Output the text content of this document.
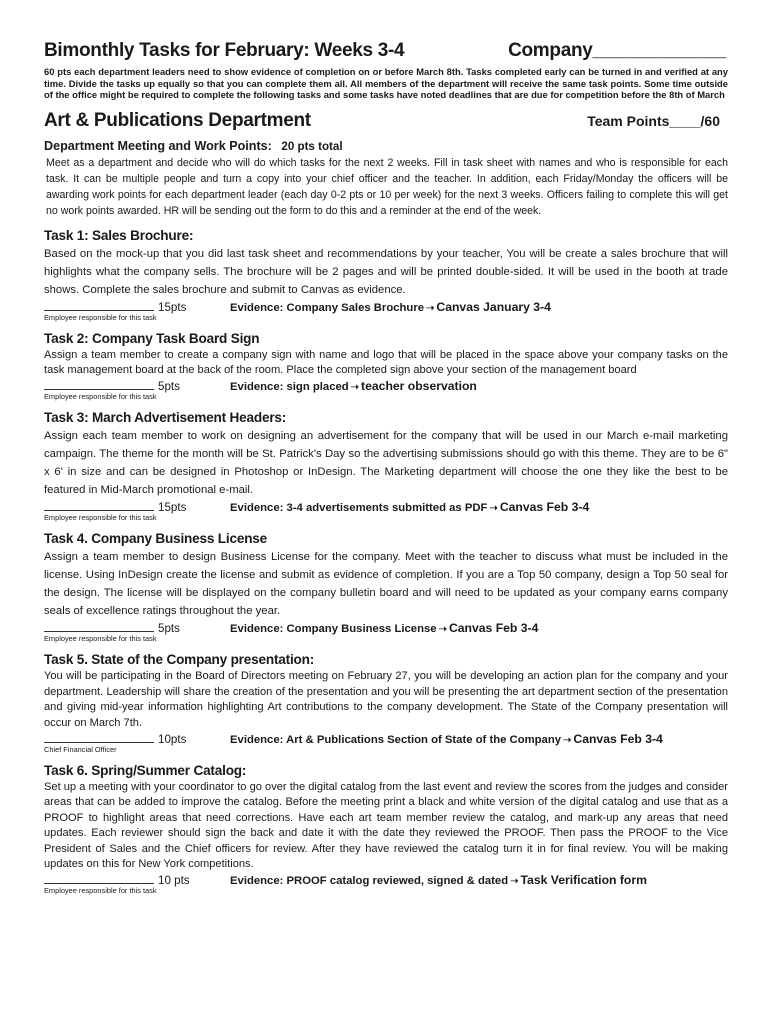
Bimonthly Tasks for February: Weeks 3-4	Company_____________
60 pts each department leaders need to show evidence of completion on or before March 8th. Tasks completed early can be turned in and verified at any time. Divide the tasks up equally so that you can complete them all. All members of the department will receive the same task points. Some time outside of the office might be required to complete the following tasks and some tasks have noted deadlines that are due for competition before the 8th of March
Art & Publications Department	Team Points____/60
Department Meeting and Work Points: 20 pts total
Meet as a department and decide who will do which tasks for the next 2 weeks. Fill in task sheet with names and who is responsible for each task. It can be multiple people and turn a copy into your chief officer and the teacher. In addition, each Friday/Monday the officers will be awarding work points for each department leader (each day 0-2 pts or 10 per week) for the next 3 weeks. Officers failing to complete this will get no work points awarded. HR will be sending out the form to do this and a reminder at the end of the week.
Task 1: Sales Brochure:
Based on the mock-up that you did last task sheet and recommendations by your teacher, You will be create a sales brochure that will highlights what the company sells. The brochure will be 2 pages and will be printed double-sided. It will be used in the booth at trade shows. Complete the sales brochure and submit to Canvas as evidence.
15pts	Evidence: Company Sales Brochure ➝ Canvas January 3-4
Employee responsible for this task
Task 2: Company Task Board Sign
Assign a team member to create a company sign with name and logo that will be placed in the space above your company tasks on the task management board at the back of the room. Place the completed sign above your section of the management board
5pts	Evidence: sign placed ➝ teacher observation
Employee responsible for this task
Task 3: March Advertisement Headers:
Assign each team member to work on designing an advertisement for the company that will be used in our March e-mail marketing campaign. The theme for the month will be St. Patrick's Day so the advertising submissions should go with this theme. They are to be 6" x 6' in size and can be designed in Photoshop or InDesign. The Marketing department will choose the one they like the best to be featured in Mid-March promotional e-mail.
15pts	Evidence: 3-4 advertisements submitted as PDF ➝ Canvas Feb 3-4
Employee responsible for this task
Task 4. Company Business License
Assign a team member to design Business License for the company. Meet with the teacher to discuss what must be included in the license. Using InDesign create the license and submit as evidence of completion. If you are a Top 50 company, design a Top 50 seal for the design. The license will be displayed on the company bulletin board and will need to be updated as your company earns company seals of excellence ratings throughout the year.
5pts	Evidence: Company Business License ➝ Canvas Feb 3-4
Employee responsible for this task
Task 5. State of the Company presentation:
You will be participating in the Board of Directors meeting on February 27, you will be developing an action plan for the company and your department. Leadership will share the creation of the presentation and you will be presenting the art department section of the presentation and giving mid-year information highlighting Art contributions to the company development. The State of the Company presentation will occur on March 7th.
10pts	Evidence: Art & Publications Section of State of the Company ➝ Canvas Feb 3-4
Chief Financial Officer
Task 6. Spring/Summer Catalog:
Set up a meeting with your coordinator to go over the digital catalog from the last event and review the scores from the judges and consider areas that can be added to improve the catalog. Before the meeting print a black and white version of the digital catalog and use that as a PROOF to highlight areas that need corrections. Have each art team member review the catalog, and mark-up any areas that need updates. Each reviewer should sign the back and date it with the date they reviewed the PROOF. Then pass the PROOF to the Vice President of Sales and the Chief officers for review. After they have reviewed the catalog turn it in for final review. You will be making updates on this for New York competitions.
10 pts	Evidence: PROOF catalog reviewed, signed & dated ➝ Task Verification form
Employee responsible for this task
